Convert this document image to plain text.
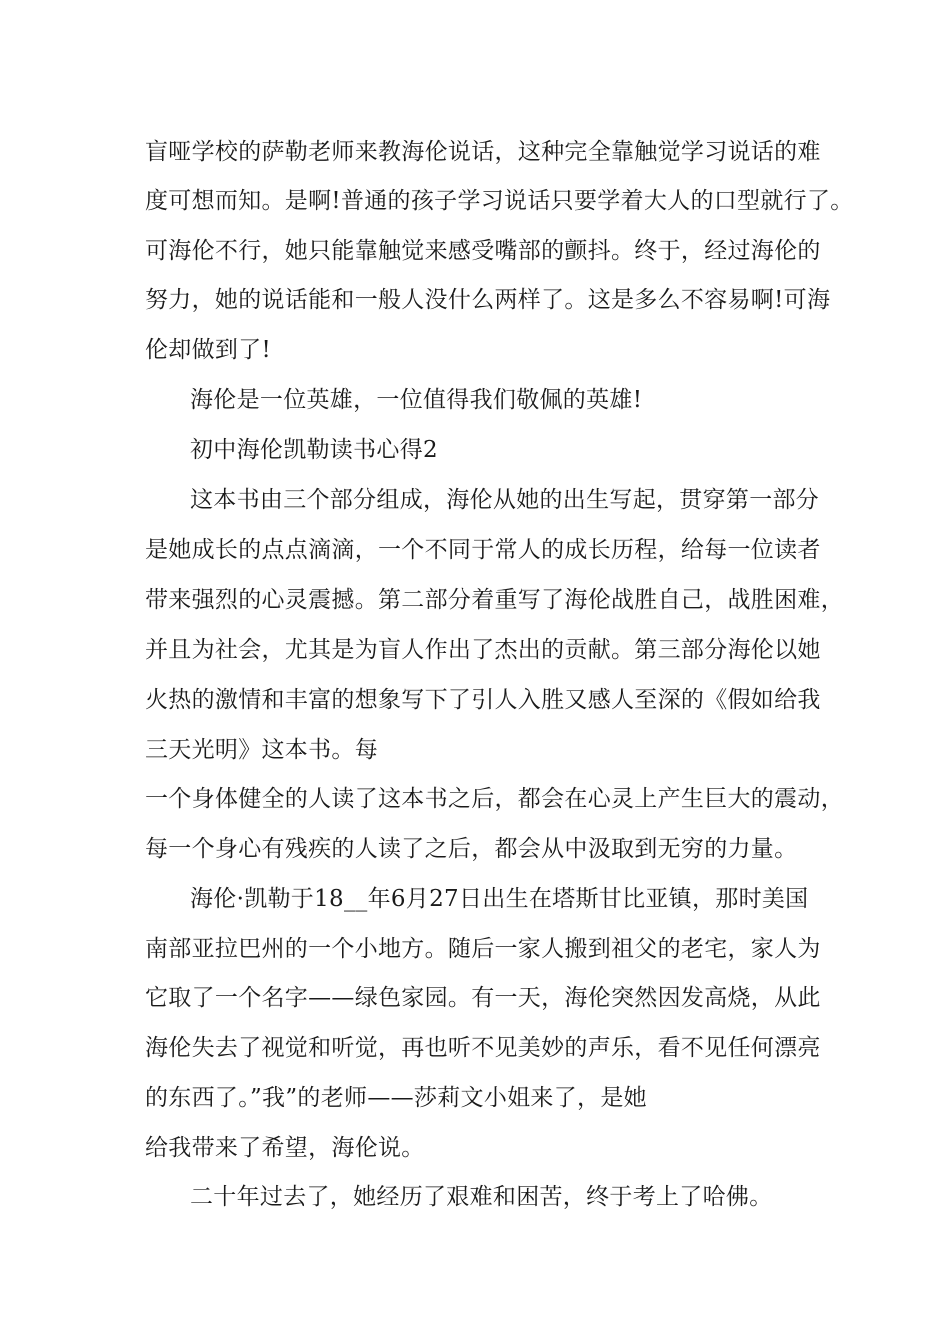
盲哑学校的萨勒老师来教海伦说话，这种完全靠触觉学习说话的难
度可想而知。是啊!普通的孩子学习说话只要学着大人的口型就行了。
可海伦不行，她只能靠触觉来感受嘴部的颤抖。终于，经过海伦的
努力，她的说话能和一般人没什么两样了。这是多么不容易啊!可海
伦却做到了!
海伦是一位英雄，一位值得我们敬佩的英雄!
初中海伦凯勒读书心得2
这本书由三个部分组成，海伦从她的出生写起，贯穿第一部分
是她成长的点点滴滴，一个不同于常人的成长历程，给每一位读者
带来强烈的心灵震撼。第二部分着重写了海伦战胜自己，战胜困难，
并且为社会，尤其是为盲人作出了杰出的贡献。第三部分海伦以她
火热的激情和丰富的想象写下了引人入胜又感人至深的《假如给我
三天光明》这本书。每
一个身体健全的人读了这本书之后，都会在心灵上产生巨大的震动，
每一个身心有残疾的人读了之后，都会从中汲取到无穷的力量。
海伦·凯勒于18__年6月27日出生在塔斯甘比亚镇，那时美国
南部亚拉巴州的一个小地方。随后一家人搬到祖父的老宅，家人为
它取了一个名字——绿色家园。有一天，海伦突然因发高烧，从此
海伦失去了视觉和听觉，再也听不见美妙的声乐，看不见任何漂亮
的东西了。”我”的老师——莎莉文小姐来了，是她
给我带来了希望，海伦说。
二十年过去了，她经历了艰难和困苦，终于考上了哈佛。
